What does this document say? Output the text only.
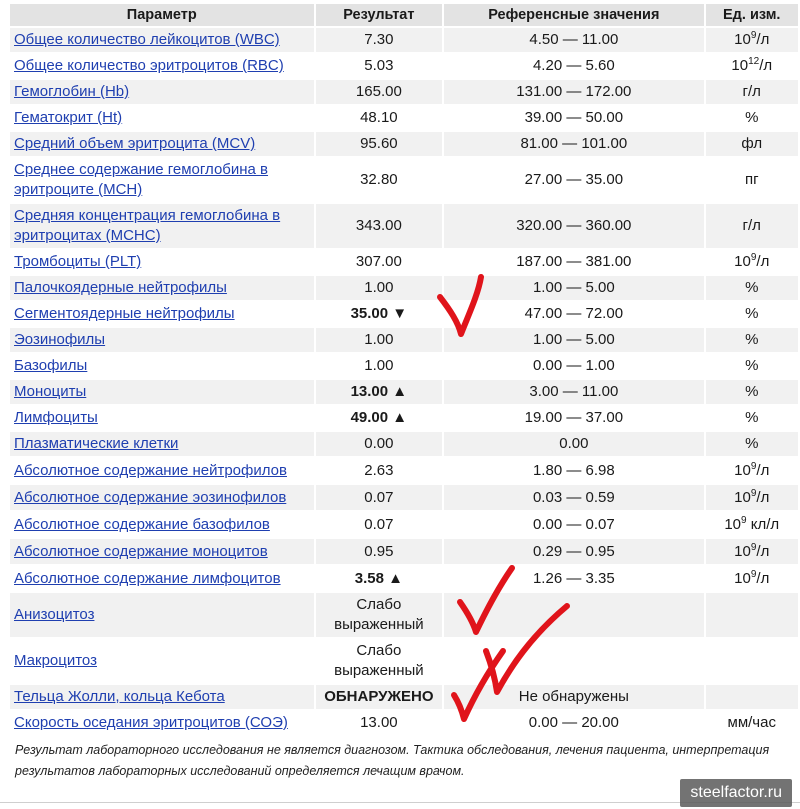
Параметр	Результат	Референсные значения	Ед. изм.
Общее количество лейкоцитов (WBC)	7.30	4.50 — 11.00	$10^9/л$
Общее количество эритроцитов (RBC)	5.03	4.20 — 5.60	$10^{12}/л$
Гемоглобин (Hb)	165.00	131.00 — 172.00	г/л
Гематокрит (Ht)	48.10	39.00 — 50.00	%
Средний объем эритроцита (MCV)	95.60	81.00 — 101.00	фл
Среднее содержание гемоглобина в эритроците (MCH)	32.80	27.00 — 35.00	пг
Средняя концентрация гемоглобина в эритроцитах (MCHC)	343.00	320.00 — 360.00	г/л
Тромбоциты (PLT)	307.00	187.00 — 381.00	$10^9/л$
Палочкоядерные нейтрофилы	1.00	1.00 — 5.00	%
Сегментоядерные нейтрофилы	35.00 ▼	47.00 — 72.00	%
Эозинофилы	1.00	1.00 — 5.00	%
Базофилы	1.00	0.00 — 1.00	%
Моноциты	13.00 ▲	3.00 — 11.00	%
Лимфоциты	49.00 ▲	19.00 — 37.00	%
Плазматические клетки	0.00	0.00	%
Абсолютное содержание нейтрофилов	2.63	1.80 — 6.98	$10^9/л$
Абсолютное содержание эозинофилов	0.07	0.03 — 0.59	$10^9/л$
Абсолютное содержание базофилов	0.07	0.00 — 0.07	$10^9$ кл/л
Абсолютное содержание моноцитов	0.95	0.29 — 0.95	$10^9/л$
Абсолютное содержание лимфоцитов	3.58 ▲	1.26 — 3.35	$10^9/л$
Анизоцитоз	Слабо выраженный		
Макроцитоз	Слабо выраженный		
Тельца Жолли, кольца Кебота	ОБНАРУЖЕНО	Не обнаружены	
Скорость оседания эритроцитов (СОЭ)	13.00	0.00 — 20.00	мм/час
Результат лабораторного исследования не является диагнозом. Тактика обследования, лечения пациента, интерпретация результатов лабораторных исследований определяется лечащим врачом.
steelfactor.ru
